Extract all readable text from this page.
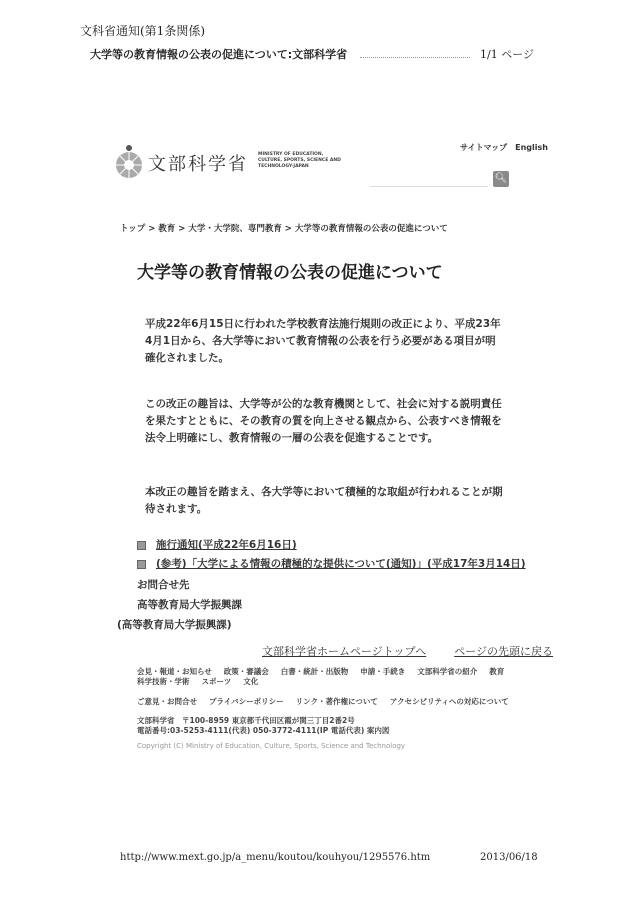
文科省通知(第1条関係)
大学等の教育情報の公表の促進について:文部科学省	1/1 ページ
文部科学省 MINISTRY OF EDUCATION, CULTURE, SPORTS, SCIENCE AND TECHNOLOGY-JAPAN
サイトマップ English
🔍︎
トップ > 教育 > 大学・大学院、専門教育 > 大学等の教育情報の公表の促進について
大学等の教育情報の公表の促進について
平成22年6月15日に行われた学校教育法施行規則の改正により、平成23年4月1日から、各大学等において教育情報の公表を行う必要がある項目が明確化されました。
この改正の趣旨は、大学等が公的な教育機関として、社会に対する説明責任を果たすとともに、その教育の質を向上させる観点から、公表すべき情報を法令上明確にし、教育情報の一層の公表を促進することです。
本改正の趣旨を踏まえ、各大学等において積極的な取組が行われることが期待されます。
施行通知(平成22年6月16日)
(参考)「大学による情報の積極的な提供について(通知)」(平成17年3月14日)
お問合せ先
高等教育局大学振興課
(高等教育局大学振興課)
文部科学省ホームページトップへ	ページの先頭に戻る
会見・報道・お知らせ 政策・審議会 白書・統計・出版物 申請・手続き 文部科学省の紹介 教育
科学技術・学術 スポーツ 文化
ご意見・お問合せ プライバシーポリシー リンク・著作権について アクセシビリティへの対応について
文部科学省　〒100-8959 東京都千代田区霞が関三丁目2番2号
電話番号:03-5253-4111(代表) 050-3772-4111(IP 電話代表) 案内図
Copyright (C) Ministry of Education, Culture, Sports, Science and Technology
http://www.mext.go.jp/a_menu/koutou/kouhyou/1295576.htm	2013/06/18
